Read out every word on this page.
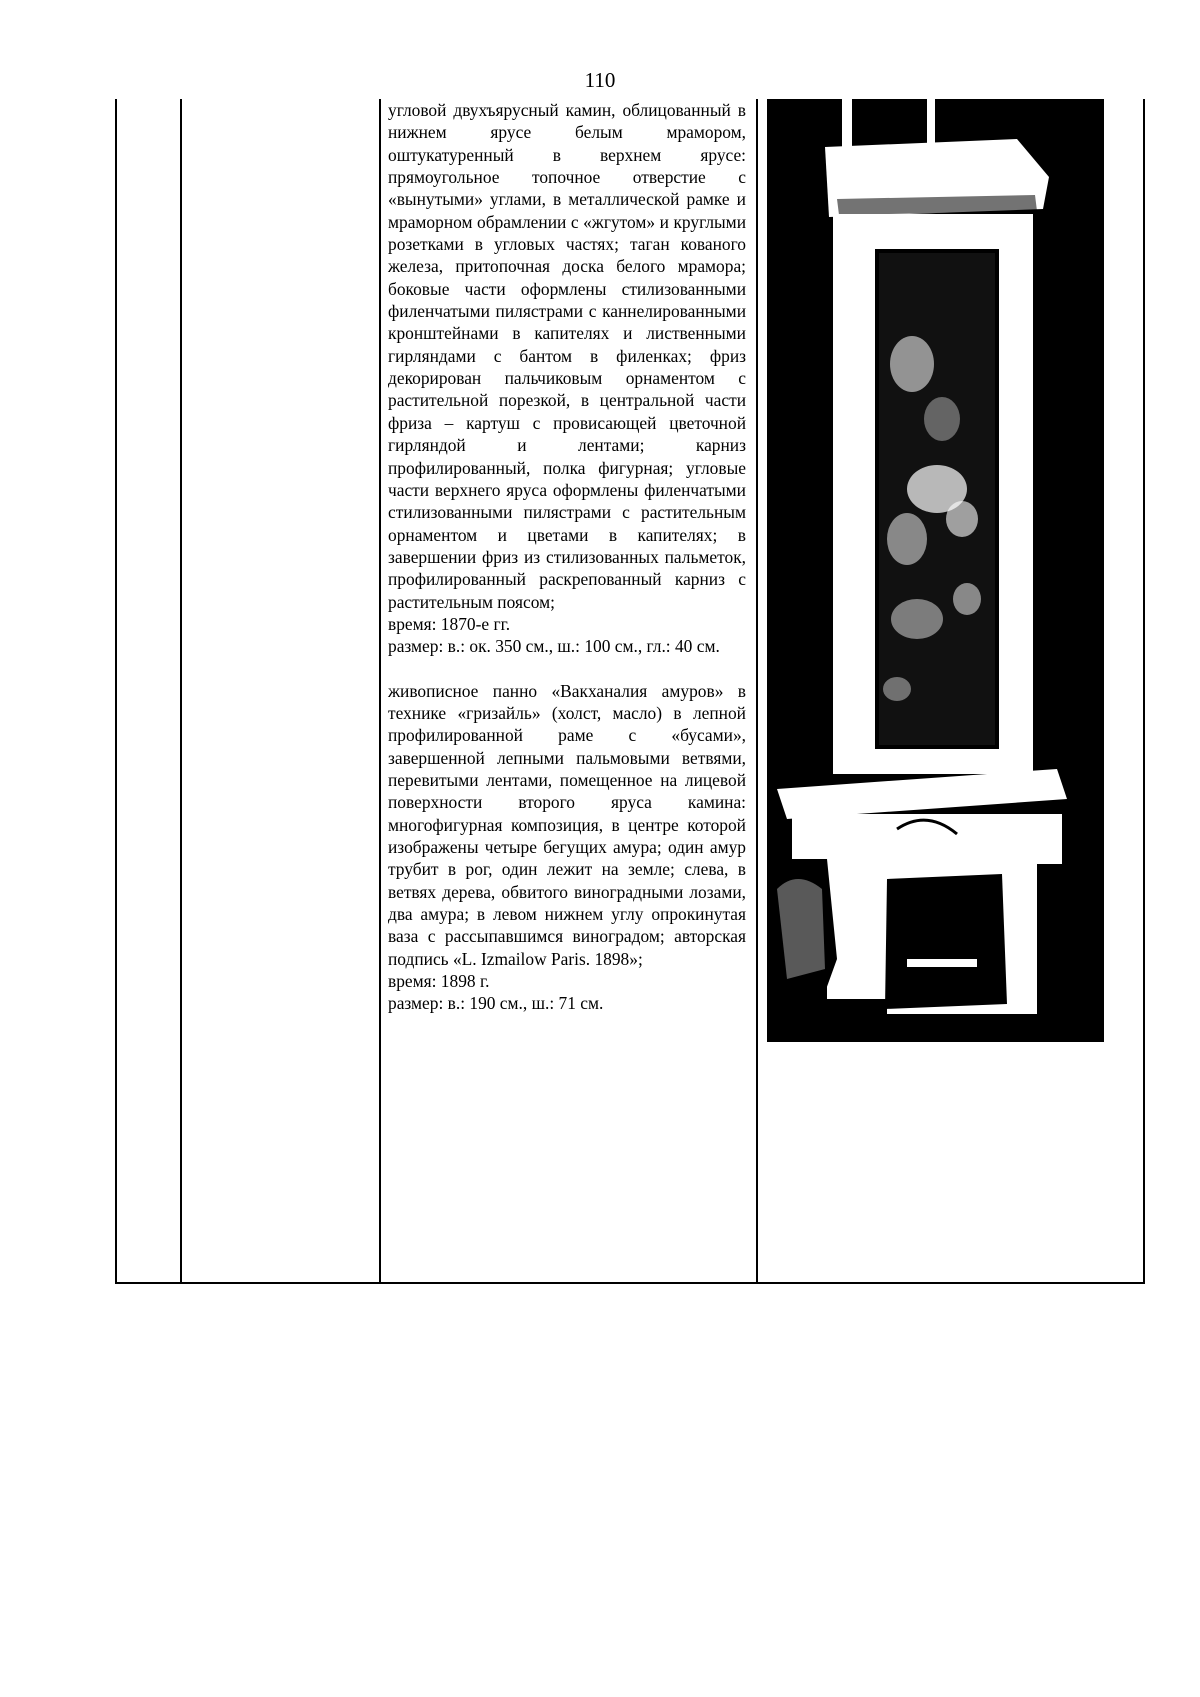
110

угловой двухъярусный камин, облицованный в нижнем ярусе белым мрамором, оштукатуренный в верхнем ярусе: прямоугольное топочное отверстие с «вынутыми» углами, в металлической рамке и мраморном обрамлении с «жгутом» и круглыми розетками в угловых частях; таган кованого железа, притопочная доска белого мрамора; боковые части оформлены стилизованными филенчатыми пилястрами с каннелированными кронштейнами в капителях и лиственными гирляндами с бантом в филенках; фриз декорирован пальчиковым орнаментом с растительной порезкой, в центральной части фриза – картуш с провисающей цветочной гирляндой и лентами; карниз профилированный, полка фигурная; угловые части верхнего яруса оформлены филенчатыми стилизованными пилястрами с растительным орнаментом и цветами в капителях; в завершении фриз из стилизованных пальметок, профилированный раскрепованный карниз с растительным поясом;

время: 1870-е гг.

размер: в.: ок. 350 см., ш.: 100 см., гл.: 40 см.

живописное панно «Вакханалия амуров» в технике «гризайль» (холст, масло) в лепной профилированной раме с «бусами», завершенной лепными пальмовыми ветвями, перевитыми лентами, помещенное на лицевой поверхности второго яруса камина: многофигурная композиция, в центре которой изображены четыре бегущих амура; один амур трубит в рог, один лежит на земле; слева, в ветвях дерева, обвитого виноградными лозами, два амура; в левом нижнем углу опрокинутая ваза с рассыпавшимся виноградом; авторская подпись «L. Izmailow Paris. 1898»;

время: 1898 г.

размер: в.: 190 см., ш.: 71 см.
